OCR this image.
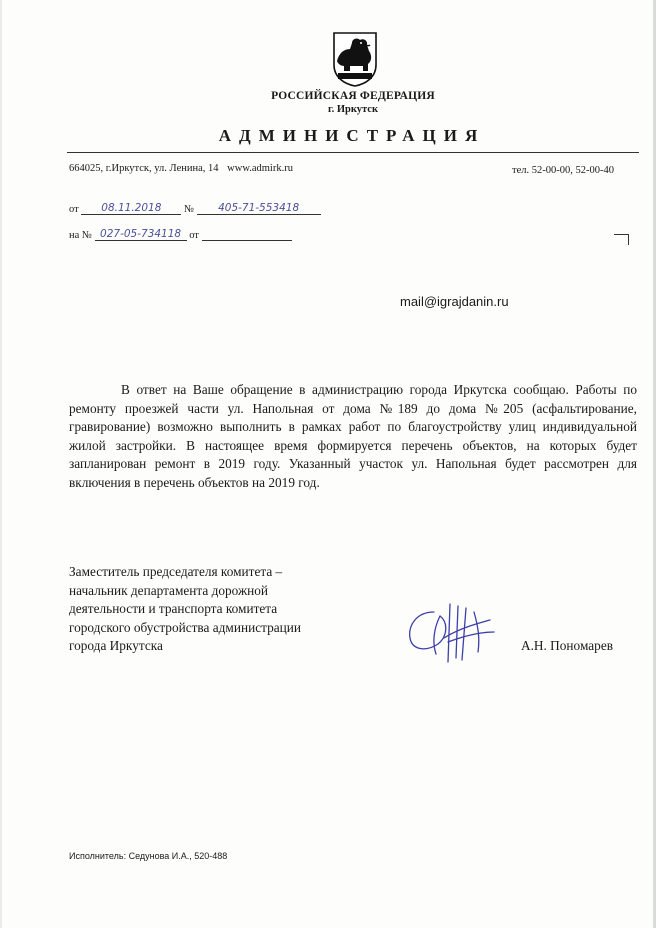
РОССИЙСКАЯ ФЕДЕРАЦИЯ
г. Иркутск
АДМИНИСТРАЦИЯ
664025, г.Иркутск, ул. Ленина, 14 www.admirk.ru	тел. 52-00-00, 52-00-40
от 08.11.2018 № 405-71-553418
на № 027-05-734118 от
mail@igrajdanin.ru
В ответ на Ваше обращение в администрацию города Иркутска сообщаю. Работы по ремонту проезжей части ул. Напольная от дома №189 до дома №205 (асфальтирование, гравирование) возможно выполнить в рамках работ по благоустройству улиц индивидуальной жилой застройки. В настоящее время формируется перечень объектов, на которых будет запланирован ремонт в 2019 году. Указанный участок ул. Напольная будет рассмотрен для включения в перечень объектов на 2019 год.
Заместитель председателя комитета –
начальник департамента дорожной
деятельности и транспорта комитета
городского обустройства администрации
города Иркутска	А.Н. Пономарев
Исполнитель: Седунова И.А., 520-488
